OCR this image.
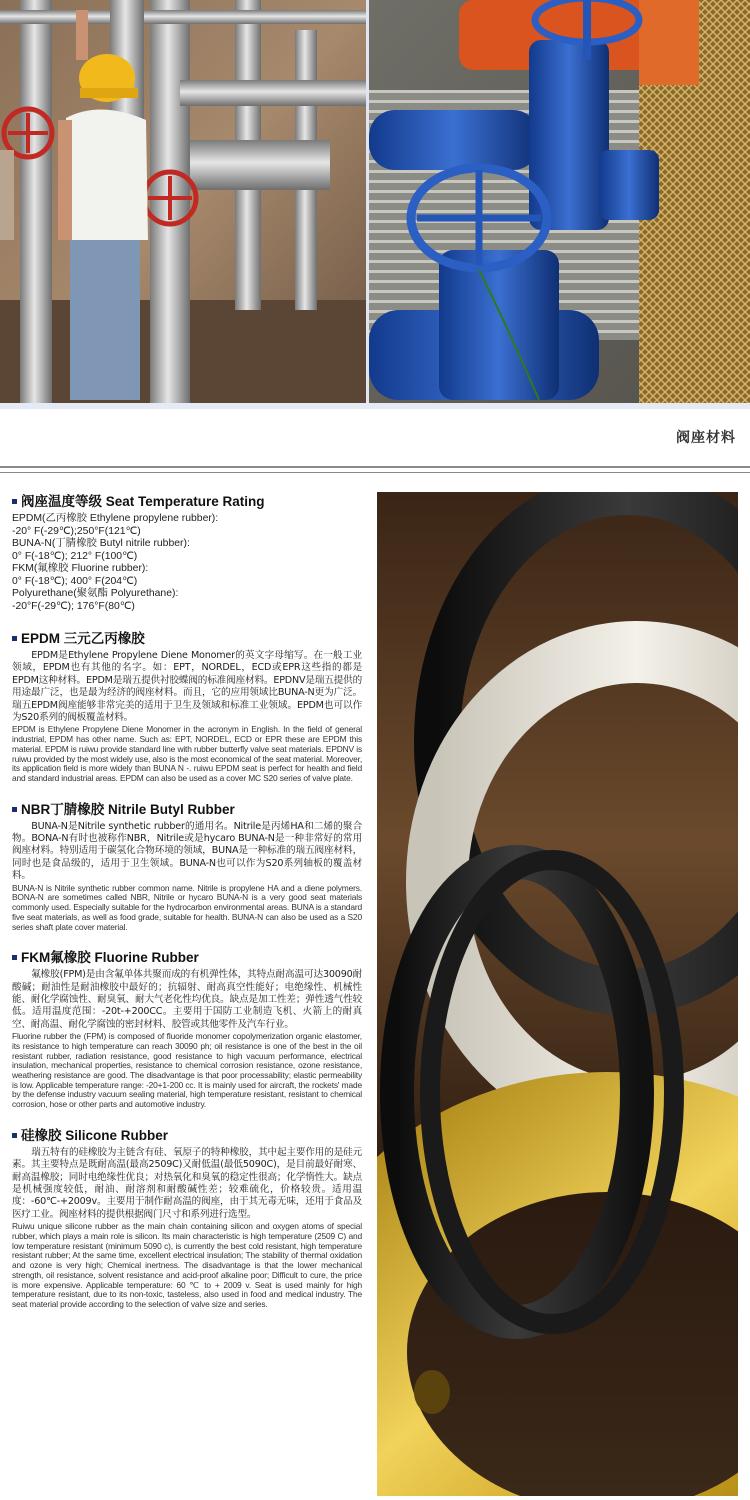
阀座材料
阀座温度等级 Seat Temperature Rating
EPDM(乙丙橡胶 Ethylene propylene rubber):
-20° F(-29℃);250°F(121℃)
BUNA-N(丁腈橡胶 Butyl nitrile rubber):
0° F(-18℃); 212° F(100℃)
FKM(氟橡胶 Fluorine rubber):
0° F(-18℃); 400° F(204℃)
Polyurethane(聚氨酯 Polyurethane):
-20°F(-29℃); 176°F(80℃)
EPDM 三元乙丙橡胶
EPDM是Ethylene Propylene Diene Monomer的英文字母缩写。在一般工业领域，EPDM也有其他的名字。如：EPT，NORDEL，ECD或EPR这些指的都是EPDM这种材料。EPDM是瑞五提供衬胶蝶阀的标准阀座材料。EPDNV是瑞五提供的用途最广泛，也是最为经济的阀座材料。而且，它的应用领域比BUNA-N更为广泛。瑞五EPDM阀座能够非常完美的适用于卫生及领域和标准工业领域。EPDM也可以作为S20系列的阀板覆盖材料。
EPDM is Ethylene Propylene Diene Monomer in the acronym in English. In the field of general industrial, EPDM has other name. Such as: EPT, NORDEL, ECD or EPR these are EPDM this material. EPDM is ruiwu provide standard line with rubber butterfly valve seat materials. EPDNV is ruiwu provided by the most widely use, also is the most economical of the seat material. Moreover, its application field is more widely than BUNA N -. ruiwu EPDM seat is perfect for health and field and standard industrial areas. EPDM can also be used as a cover MC S20 series of valve plate.
NBR丁腈橡胶 Nitrile Butyl Rubber
BUNA-N是Nitrile synthetic rubber的通用名。Nitrile是丙烯HA和二烯的聚合物。BONA-N有时也被称作NBR，Nitrile或是hycaro BUNA-N是一种非常好的常用阀座材料。特别适用于碳氢化合物环境的领域，BUNA是一种标准的瑞五阀座材料，同时也是食品级的，适用于卫生领域。BUNA-N也可以作为S20系列轴板的覆盖材料。
BUNA-N is Nitrile synthetic rubber common name. Nitrile is propylene HA and a diene polymers. BONA-N are sometimes called NBR, Nitrile or hycaro BUNA-N is a very good seat materials commonly used. Especially suitable for the hydrocarbon environmental areas. BUNA is a standard five seat materials, as well as food grade, suitable for health. BUNA-N can also be used as a S20 series shaft plate cover material.
FKM氟橡胶 Fluorine Rubber
氟橡胶(FPM)是由含氟单体共聚而成的有机弹性体，其特点耐高温可达30090耐酸碱；耐油性是耐油橡胶中最好的；抗辐射、耐高真空性能好；电绝缘性、机械性能、耐化学腐蚀性、耐臭氧、耐大气老化性均优良。缺点是加工性差；弹性透气性较低。适用温度范围：-20t-+200CC。主要用于国防工业制造飞机、火箭上的耐真空、耐高温、耐化学腐蚀的密封材料、胶管或其他零件及汽车行业。
Fluorine rubber the (FPM) is composed of fluoride monomer copolymerization organic elastomer, its resistance to high temperature can reach 30090 ph; oil resistance is one of the best in the oil resistant rubber, radiation resistance, good resistance to high vacuum performance, electrical insulation, mechanical properties, resistance to chemical corrosion resistance, ozone resistance, weathering resistance are good. The disadvantage is that poor processability; elastic permeability is low. Applicable temperature range: -20+1-200 cc. It is mainly used for aircraft, the rockets' made by the defense industry vacuum sealing material, high temperature resistant, resistant to chemical corrosion, hose or other parts and automotive industry.
硅橡胶 Silicone Rubber
瑞五特有的硅橡胶为主链含有硅、氧原子的特种橡胶，其中起主要作用的是硅元素。其主要特点是既耐高温(最高2509C)又耐低温(最低5090C)，是目前最好耐寒、耐高温橡胶；同时电绝缘性优良；对热氧化和臭氧的稳定性很高；化学惰性大。缺点是机械强度较低，耐油、耐溶剂和耐酸碱性差；较难硫化，价格较贵。适用温度：-60℃-+2009v。主要用于制作耐高温的阀座，由于其无毒无味，还用于食品及医疗工业。阀座材料的提供根据阀门尺寸和系列进行选型。
Ruiwu unique silicone rubber as the main chain containing silicon and oxygen atoms of special rubber, which plays a main role is silicon. Its main characteristic is high temperature (2509 C) and low temperature resistant (minimum 5090 c), is currently the best cold resistant, high temperature resistant rubber; At the same time, excellent electrical insulation; The stability of thermal oxidation and ozone is very high; Chemical inertness. The disadvantage is that the lower mechanical strength, oil resistance, solvent resistance and acid-proof alkaline poor; Difficult to cure, the price is more expensive. Applicable temperature: 60 ℃ to + 2009 v. Seat is used mainly for high temperature resistant, due to its non-toxic, tasteless, also used in food and medical industry. The seat material provide according to the selection of valve size and series.
